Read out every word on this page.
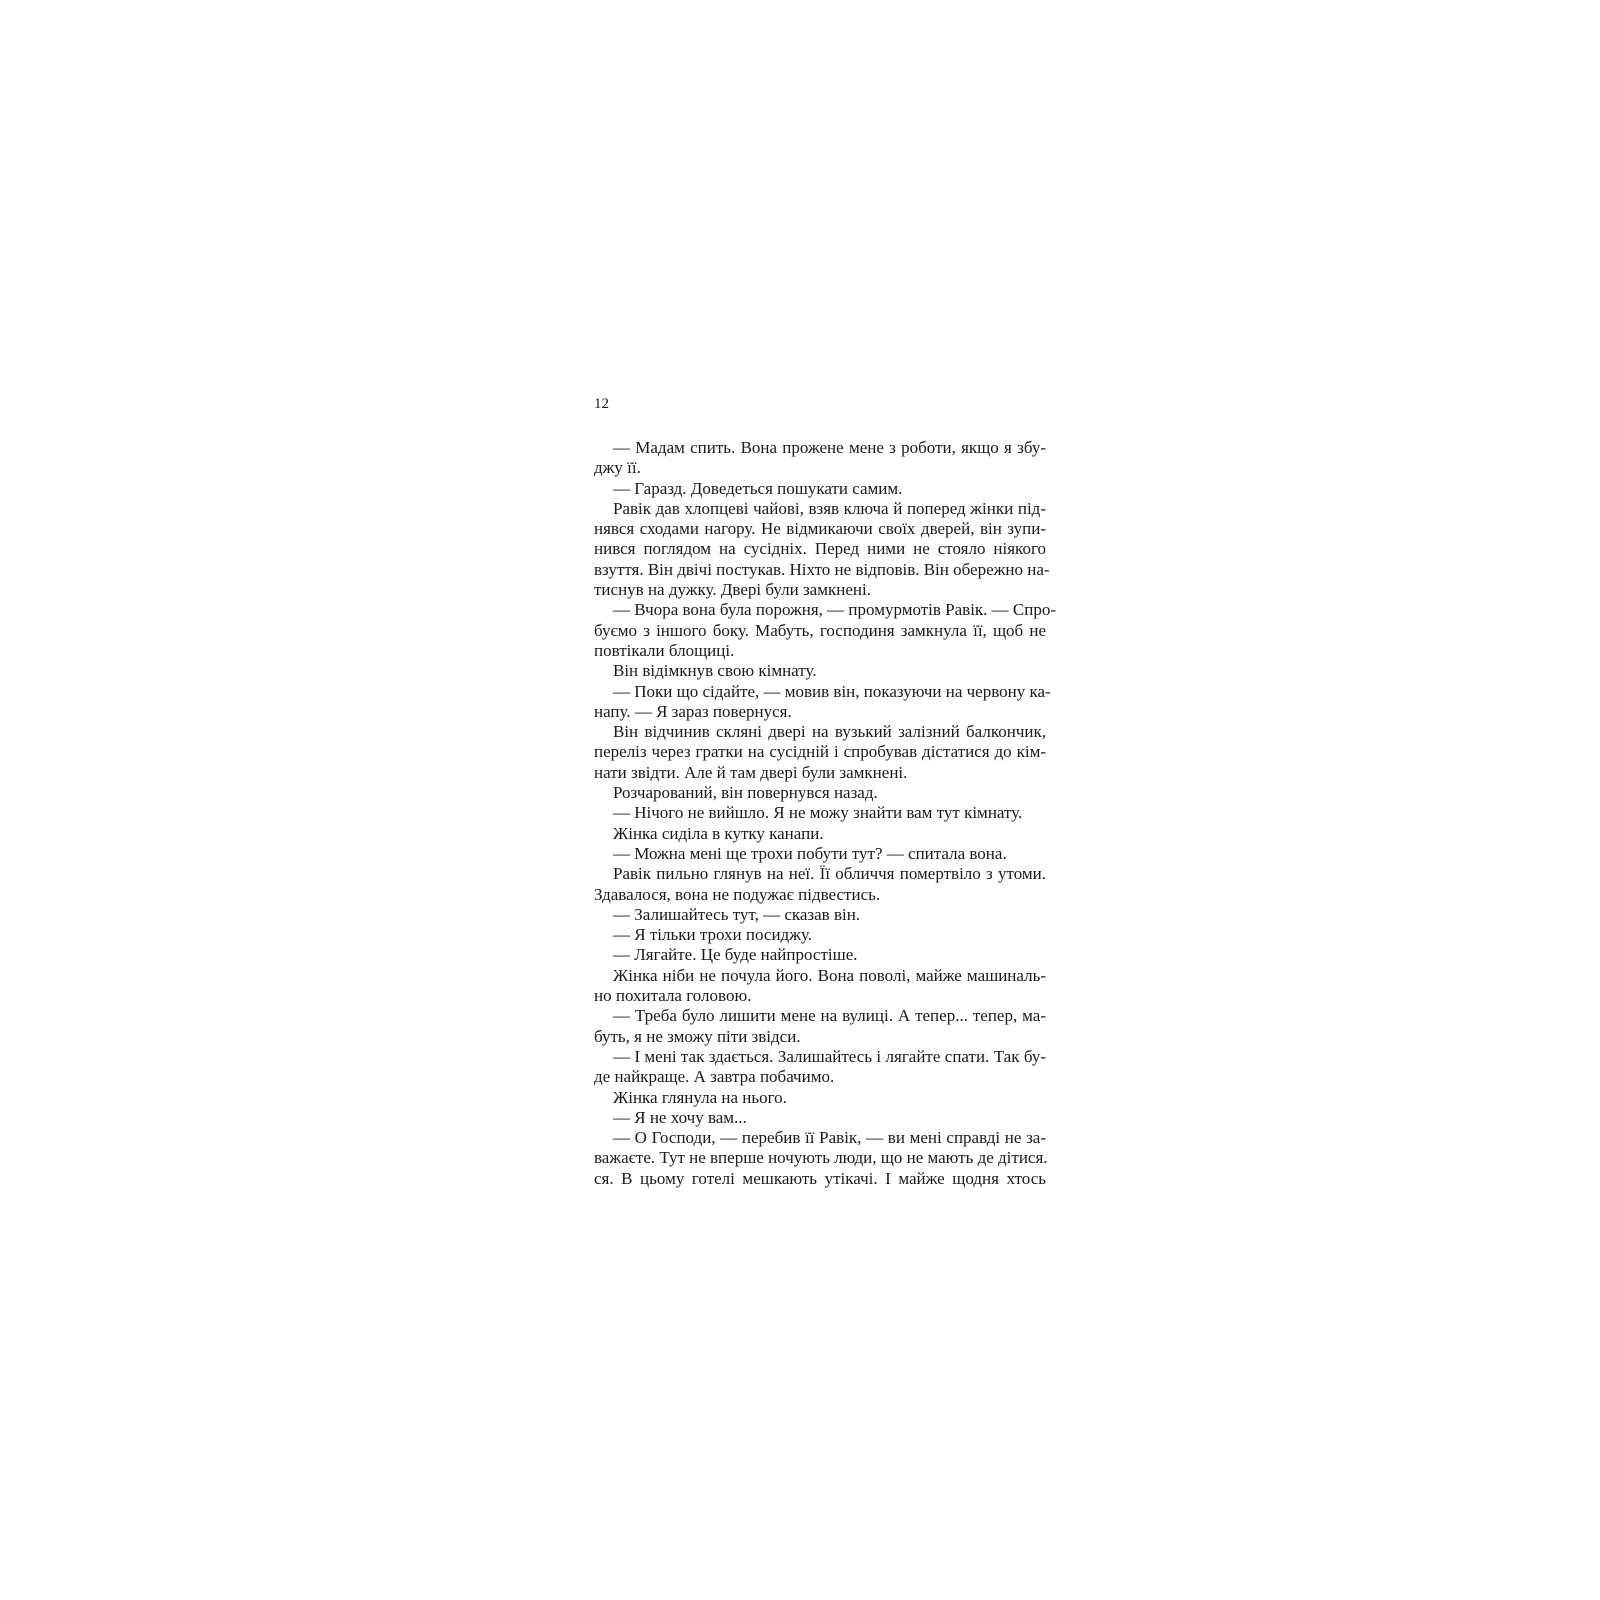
12
— Мадам спить. Вона прожене мене з роботи, якщо я збу-
джу її.
— Гаразд. Доведеться пошукати самим.
Равік дав хлопцеві чайові, взяв ключа й поперед жінки під-
нявся сходами нагору. Не відмикаючи своїх дверей, він зупи-
нився поглядом на сусідніх. Перед ними не стояло ніякого
взуття. Він двічі постукав. Ніхто не відповів. Він обережно на-
тиснув на дужку. Двері були замкнені.
— Вчора вона була порожня, — промурмотів Равік. — Спро-
буємо з іншого боку. Мабуть, господиня замкнула її, щоб не
повтікали блощиці.
Він відімкнув свою кімнату.
— Поки що сідайте, — мовив він, показуючи на червону ка-
напу. — Я зараз повернуся.
Він відчинив скляні двері на вузький залізний балкончик,
переліз через гратки на сусідній і спробував дістатися до кім-
нати звідти. Але й там двері були замкнені.
Розчарований, він повернувся назад.
— Нічого не вийшло. Я не можу знайти вам тут кімнату.
Жінка сиділа в кутку канапи.
— Можна мені ще трохи побути тут? — спитала вона.
Равік пильно глянув на неї. Її обличчя помертвіло з утоми.
Здавалося, вона не подужає підвестись.
— Залишайтесь тут, — сказав він.
— Я тільки трохи посиджу.
— Лягайте. Це буде найпростіше.
Жінка ніби не почула його. Вона поволі, майже машиналь-
но похитала головою.
— Треба було лишити мене на вулиці. А тепер... тепер, ма-
буть, я не зможу піти звідси.
— І мені так здається. Залишайтесь і лягайте спати. Так бу-
де найкраще. А завтра побачимо.
Жінка глянула на нього.
— Я не хочу вам...
— О Господи, — перебив її Равік, — ви мені справді не за-
важаєте. Тут не вперше ночують люди, що не мають де дітися.
ся. В цьому готелі мешкають утікачі. І майже щодня хтось
